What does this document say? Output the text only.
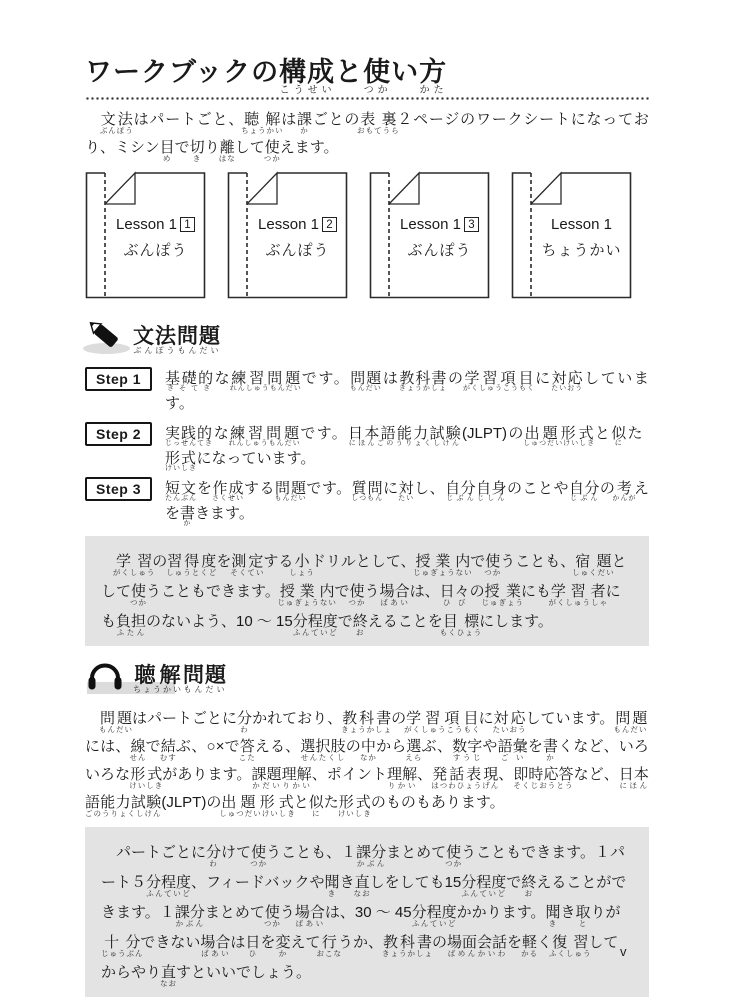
ワークブックの構成こうせいと使つかい方かた

　文法ぶんぽうはパートごと、聴解ちょうかいは課かごとの表裏おもてうら２ページのワークシートになっており、ミシン目めで切きり離はなして使つかえます。

Lesson 1 1
ぶんぽう
Lesson 1 2
ぶんぽう
Lesson 1 3
ぶんぽう
Lesson 1
ちょうかい
文法ぶんぽう問題もんだい
Step 1	基礎的きそてきな練習問題れんしゅうもんだいです。問題もんだいは教科書きょうかしょの学習項目がくしゅうこうもくに対応たいおうしています。
Step 2	実践的じっせんてきな練習問題れんしゅうもんだいです。日本語能力試験にほんごのうりょくしけん(JLPT)の出題形式しゅつだいけいしきと似にた形式けいしきになっています。
Step 3	短文たんぶんを作成さくせいする問題もんだいです。質問しつもんに対たいし、自分自身じぶんじしんのことや自分じぶんの考かんがえを書かきます。
　学習がくしゅうの習得度しゅうとくどを測定そくていする小しょうドリルとして、授業内じゅぎょうないで使つかうことも、宿題しゅくだいとして使つかうこともできます。授業内じゅぎょうないで使つかう場合ばあいは、日々ひびの授業じゅぎょうにも学習者がくしゅうしゃにも負担ふたんのないよう、10 ～ 15分程度ふんていどで終おえることを目標もくひょうにします。
聴解ちょうかい問題もんだい

　問題もんだいはパートごとに分わかれており、教科書きょうかしょの学習項目がくしゅうこうもくに対応たいおうしています。問題もんだいには、線せんで結むすぶ、○×で答こたえる、選択肢せんたくしの中なかから選えらぶ、数字すうじや語彙ごいを書かくなど、いろいろな形式けいしきがあります。課題理解かだいりかい、ポイント理解りかい、発話表現はつわひょうげん、即時応答そくじおうとうなど、日本語能力試験にほんごのうりょくしけん(JLPT)の出題形式しゅつだいけいしきと似にた形式けいしきのものもあります。

　パートごとに分わけて使つかうことも、１課分かぶんまとめて使つかうこともできます。１パート５分程度ふんていど、フィードバックや聞きき直なおしをしても15分程度ふんていどで終おえることができます。１課分かぶんまとめて使つかう場合ばあいは、30 ～ 45分程度ふんていどかかります。聞きき取とりが十分じゅうぶんできない場合ばあいは日ひを変かえて行おこなうか、教科書きょうかしょの場面会話ばめんかいわを軽かるく復習ふくしゅうしてからやり直なおすといいでしょう。
v
